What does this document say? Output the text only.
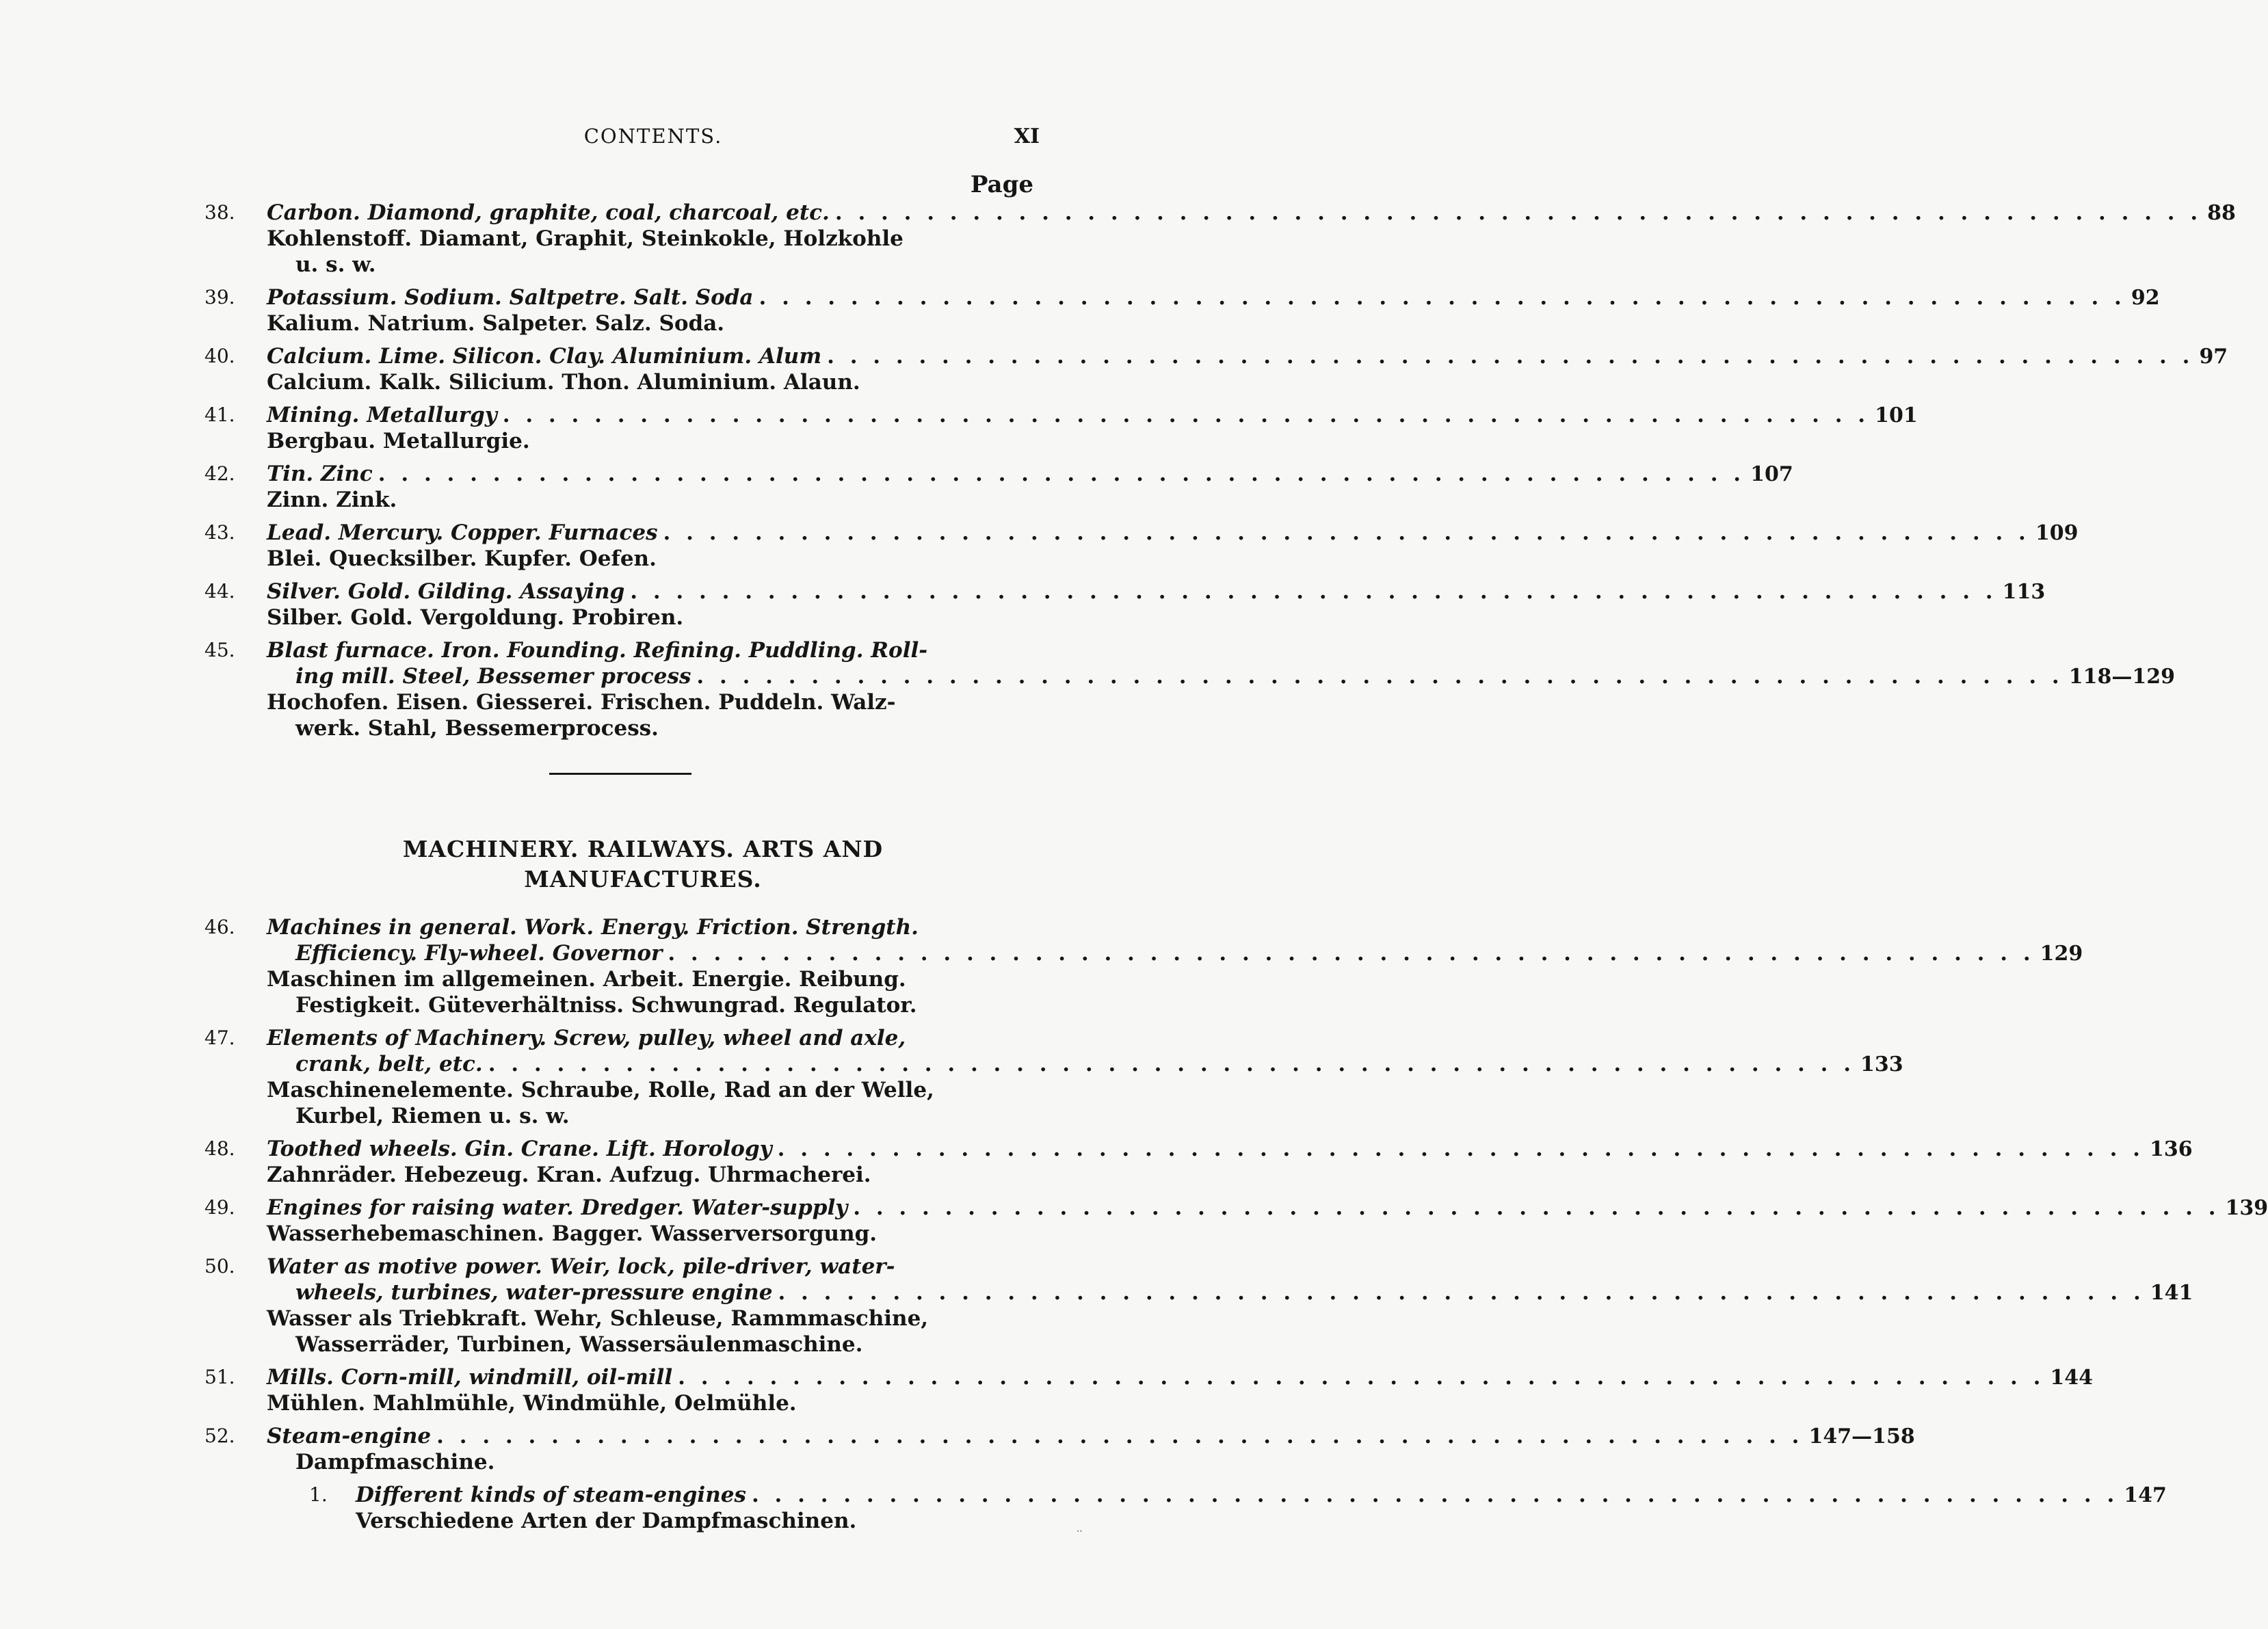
CONTENTS.	XI
Page
38.	Carbon. Diamond, graphite, coal, charcoal, etc. . . . . . . . . . . . . . . . . . . . . . . . . . . . . . . . . . . . . . . . . . . . . . . . . . . . . . . . . . . . . 88
Kohlenstoff. Diamant, Graphit, Steinkokle, Holzkohle
u. s. w.
39.	Potassium. Sodium. Saltpetre. Salt. Soda . . . . . . . . . . . . . . . . . . . . . . . . . . . . . . . . . . . . . . . . . . . . . . . . . . . . . . . . . . . . 92
Kalium. Natrium. Salpeter. Salz. Soda.
40.	Calcium. Lime. Silicon. Clay. Aluminium. Alum . . . . . . . . . . . . . . . . . . . . . . . . . . . . . . . . . . . . . . . . . . . . . . . . . . . . . . . . . . . . 97
Calcium. Kalk. Silicium. Thon. Aluminium. Alaun.
41.	Mining. Metallurgy . . . . . . . . . . . . . . . . . . . . . . . . . . . . . . . . . . . . . . . . . . . . . . . . . . . . . . . . . . . . 101
Bergbau. Metallurgie.
42.	Tin. Zinc . . . . . . . . . . . . . . . . . . . . . . . . . . . . . . . . . . . . . . . . . . . . . . . . . . . . . . . . . . . . 107
Zinn. Zink.
43.	Lead. Mercury. Copper. Furnaces . . . . . . . . . . . . . . . . . . . . . . . . . . . . . . . . . . . . . . . . . . . . . . . . . . . . . . . . . . . . 109
Blei. Quecksilber. Kupfer. Oefen.
44.	Silver. Gold. Gilding. Assaying . . . . . . . . . . . . . . . . . . . . . . . . . . . . . . . . . . . . . . . . . . . . . . . . . . . . . . . . . . . . 113
Silber. Gold. Vergoldung. Probiren.
45.	Blast furnace. Iron. Founding. Refining. Puddling. Roll-
ing mill. Steel, Bessemer process . . . . . . . . . . . . . . . . . . . . . . . . . . . . . . . . . . . . . . . . . . . . . . . . . . . . . . . . . . . . 118—129
Hochofen. Eisen. Giesserei. Frischen. Puddeln. Walz-
werk. Stahl, Bessemerprocess.
MACHINERY. RAILWAYS. ARTS AND
MANUFACTURES.
46.	Machines in general. Work. Energy. Friction. Strength.
Efficiency. Fly-wheel. Governor . . . . . . . . . . . . . . . . . . . . . . . . . . . . . . . . . . . . . . . . . . . . . . . . . . . . . . . . . . . . 129
Maschinen im allgemeinen. Arbeit. Energie. Reibung.
Festigkeit. Güteverhältniss. Schwungrad. Regulator.
47.	Elements of Machinery. Screw, pulley, wheel and axle,
crank, belt, etc. . . . . . . . . . . . . . . . . . . . . . . . . . . . . . . . . . . . . . . . . . . . . . . . . . . . . . . . . . . . . 133
Maschinenelemente. Schraube, Rolle, Rad an der Welle,
Kurbel, Riemen u. s. w.
48.	Toothed wheels. Gin. Crane. Lift. Horology . . . . . . . . . . . . . . . . . . . . . . . . . . . . . . . . . . . . . . . . . . . . . . . . . . . . . . . . . . . . 136
Zahnräder. Hebezeug. Kran. Aufzug. Uhrmacherei.
49.	Engines for raising water. Dredger. Water-supply . . . . . . . . . . . . . . . . . . . . . . . . . . . . . . . . . . . . . . . . . . . . . . . . . . . . . . . . . . . . 139
Wasserhebemaschinen. Bagger. Wasserversorgung.
50.	Water as motive power. Weir, lock, pile-driver, water-
wheels, turbines, water-pressure engine . . . . . . . . . . . . . . . . . . . . . . . . . . . . . . . . . . . . . . . . . . . . . . . . . . . . . . . . . . . . 141
Wasser als Triebkraft. Wehr, Schleuse, Rammmaschine,
Wasserräder, Turbinen, Wassersäulenmaschine.
51.	Mills. Corn-mill, windmill, oil-mill . . . . . . . . . . . . . . . . . . . . . . . . . . . . . . . . . . . . . . . . . . . . . . . . . . . . . . . . . . . . 144
Mühlen. Mahlmühle, Windmühle, Oelmühle.
52.	Steam-engine . . . . . . . . . . . . . . . . . . . . . . . . . . . . . . . . . . . . . . . . . . . . . . . . . . . . . . . . . . . . 147—158
Dampfmaschine.
1.	Different kinds of steam-engines . . . . . . . . . . . . . . . . . . . . . . . . . . . . . . . . . . . . . . . . . . . . . . . . . . . . . . . . . . . . 147
Verschiedene Arten der Dampfmaschinen.	⸳⸳
